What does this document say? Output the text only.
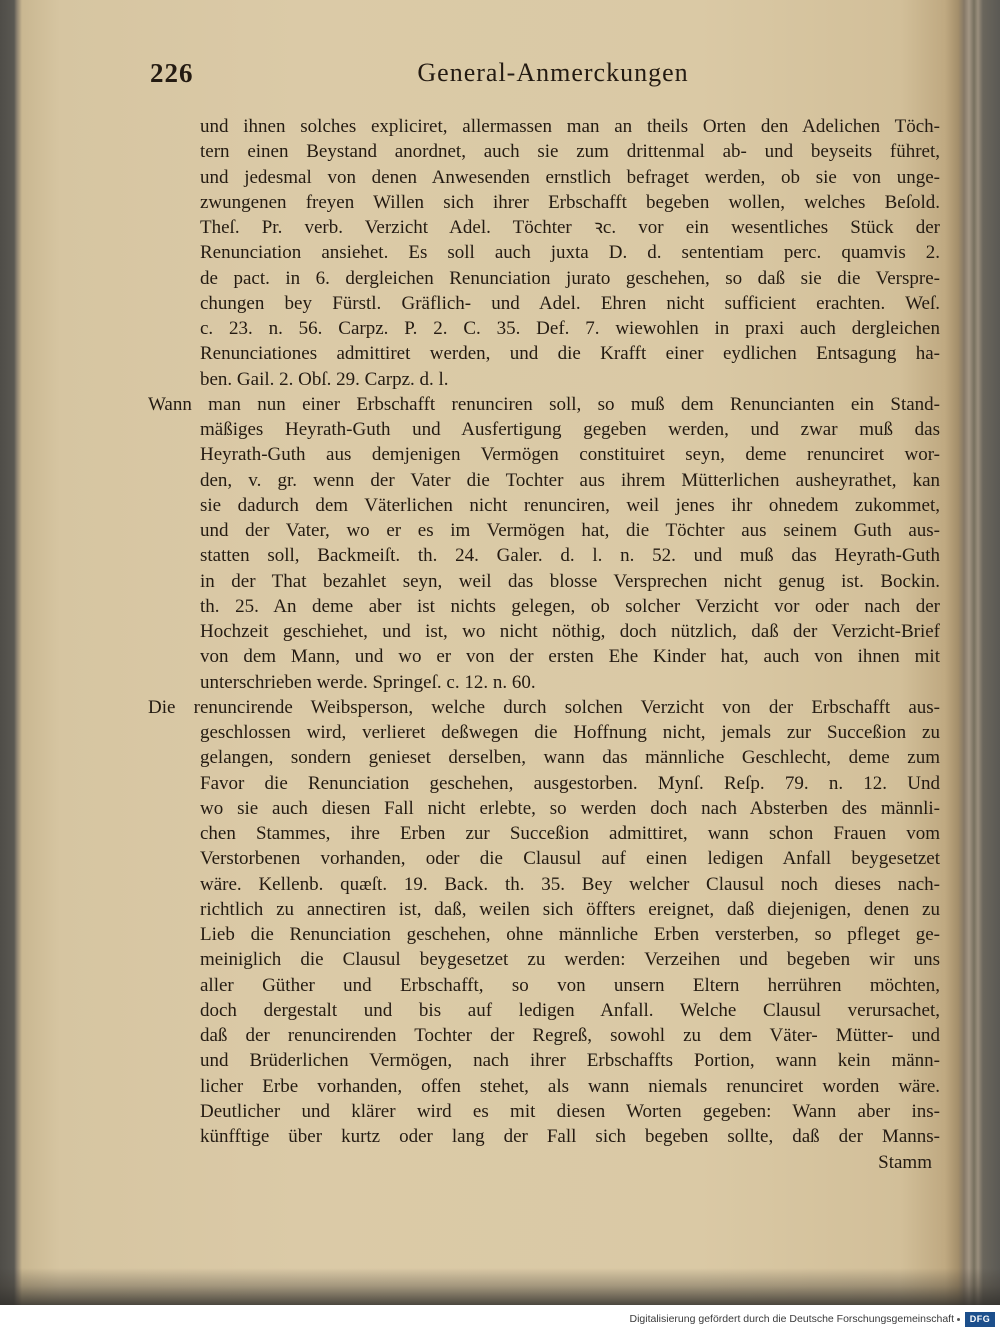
226	General-Anmerckungen
und ihnen solches expliciret, allermassen man an theils Orten den Adelichen Töch-
tern einen Beystand anordnet, auch sie zum drittenmal ab- und beyseits führet,
und jedesmal von denen Anwesenden ernstlich befraget werden, ob sie von unge-
zwungenen freyen Willen sich ihrer Erbschafft begeben wollen, welches Beſold.
Theſ. Pr. verb. Verzicht Adel. Töchter ꝛc. vor ein wesentliches Stück der
Renunciation ansiehet. Es soll auch juxta D. d. sententiam perc. quamvis 2.
de pact. in 6. dergleichen Renunciation jurato geschehen, so daß sie die Verspre-
chungen bey Fürstl. Gräflich- und Adel. Ehren nicht sufficient erachten. Weſ.
c. 23. n. 56. Carpz. P. 2. C. 35. Def. 7. wiewohlen in praxi auch dergleichen
Renunciationes admittiret werden, und die Krafft einer eydlichen Entsagung ha-
ben. Gail. 2. Obſ. 29. Carpz. d. l.
Wann man nun einer Erbschafft renunciren soll, so muß dem Renuncianten ein Stand-
mäßiges Heyrath-Guth und Ausfertigung gegeben werden, und zwar muß das
Heyrath-Guth aus demjenigen Vermögen constituiret seyn, deme renunciret wor-
den, v. gr. wenn der Vater die Tochter aus ihrem Mütterlichen ausheyrathet, kan
sie dadurch dem Väterlichen nicht renunciren, weil jenes ihr ohnedem zukommet,
und der Vater, wo er es im Vermögen hat, die Töchter aus seinem Guth aus-
statten soll, Backmeiſt. th. 24. Galer. d. l. n. 52. und muß das Heyrath-Guth
in der That bezahlet seyn, weil das blosse Versprechen nicht genug ist. Bockin.
th. 25. An deme aber ist nichts gelegen, ob solcher Verzicht vor oder nach der
Hochzeit geschiehet, und ist, wo nicht nöthig, doch nützlich, daß der Verzicht-Brief
von dem Mann, und wo er von der ersten Ehe Kinder hat, auch von ihnen mit
unterschrieben werde. Springeſ. c. 12. n. 60.
Die renuncirende Weibsperson, welche durch solchen Verzicht von der Erbschafft aus-
geschlossen wird, verlieret deßwegen die Hoffnung nicht, jemals zur Succeßion zu
gelangen, sondern genieset derselben, wann das männliche Geschlecht, deme zum
Favor die Renunciation geschehen, ausgestorben. Mynſ. Reſp. 79. n. 12. Und
wo sie auch diesen Fall nicht erlebte, so werden doch nach Absterben des männli-
chen Stammes, ihre Erben zur Succeßion admittiret, wann schon Frauen vom
Verstorbenen vorhanden, oder die Clausul auf einen ledigen Anfall beygesetzet
wäre. Kellenb. quæſt. 19. Back. th. 35. Bey welcher Clausul noch dieses nach-
richtlich zu annectiren ist, daß, weilen sich öffters ereignet, daß diejenigen, denen zu
Lieb die Renunciation geschehen, ohne männliche Erben versterben, so pfleget ge-
meiniglich die Clausul beygesetzet zu werden: Verzeihen und begeben wir uns
aller Güther und Erbschafft, so von unsern Eltern herrühren möchten,
doch dergestalt und bis auf ledigen Anfall. Welche Clausul verursachet,
daß der renuncirenden Tochter der Regreß, sowohl zu dem Väter- Mütter- und
und Brüderlichen Vermögen, nach ihrer Erbschaffts Portion, wann kein männ-
licher Erbe vorhanden, offen stehet, als wann niemals renunciret worden wäre.
Deutlicher und klärer wird es mit diesen Worten gegeben: Wann aber ins-
künfftige über kurtz oder lang der Fall sich begeben sollte, daß der Manns-
Stamm
Digitalisierung gefördert durch die Deutsche Forschungsgemeinschaft	DFG
